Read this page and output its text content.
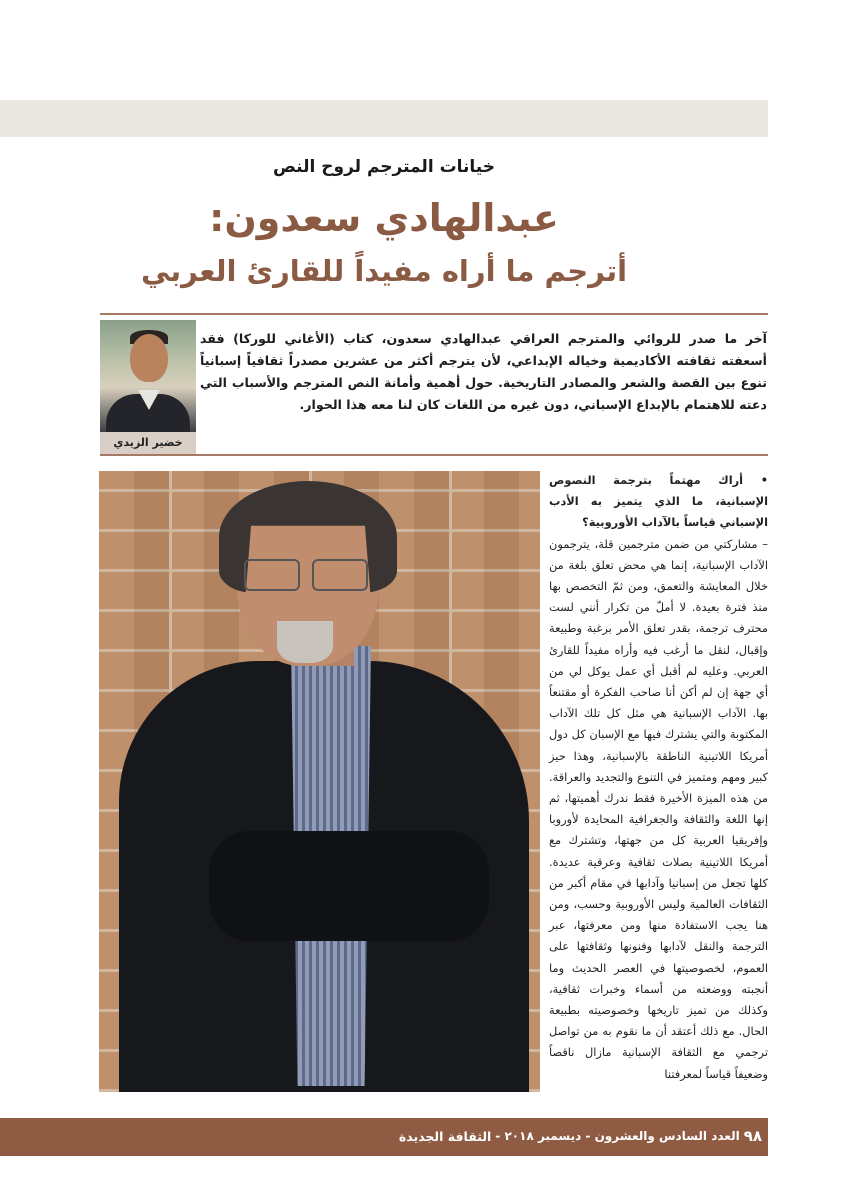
خيانات المترجم لروح النص
عبدالهادي سعدون:
أترجم ما أراه مفيداً للقارئ العربي
آخر ما صدر للروائي والمترجم العراقي عبدالهادي سعدون، كتاب (الأغاني للوركا) فقد أسعفته ثقافته الأكاديمية وخياله الإبداعي، لأن يترجم أكثر من عشرين مصدراً ثقافياً إسبانياً تنوع بين القصة والشعر والمصادر التاريخية. حول أهمية وأمانة النص المترجم والأسباب التي دعته للاهتمام بالإبداع الإسباني، دون غيره من اللغات كان لنا معه هذا الحوار.
خضير الزيدي

• أراك مهتماً بترجمة النصوص الإسبانية، ما الذي يتميز به الأدب الإسباني قياساً بالآداب الأوروبية؟

– مشاركتي من ضمن مترجمين قلة، يترجمون الآداب الإسبانية، إنما هي محض تعلق بلغة من خلال المعايشة والتعمق، ومن ثمّ التخصص بها منذ فترة بعيدة. لا أملّ من تكرار أنني لست محترف ترجمة، بقدر تعلق الأمر برغبة وطبيعة وإقبال، لنقل ما أرغب فيه وأراه مفيداً للقارئ العربي. وعليه لم أقبل أي عمل يوكل لي من أي جهة إن لم أكن أنا صاحب الفكرة أو مقتنعاً بها. الآداب الإسبانية هي مثل كل تلك الآداب المكتوبة والتي يشترك فيها مع الإسبان كل دول أمريكا اللاتينية الناطقة بالإسبانية، وهذا حيز كبير ومهم ومتميز في التنوع والتجديد والعراقة. من هذه الميزة الأخيرة فقط ندرك أهميتها، ثم إنها اللغة والثقافة والجغرافية المحايدة لأوروبا وإفريقيا العربية كل من جهتها، وتشترك مع أمريكا اللاتينية بصلات ثقافية وعرقية عديدة. كلها تجعل من إسبانيا وآدابها في مقام أكبر من الثقافات العالمية وليس الأوروبية وحسب، ومن هنا يجب الاستفادة منها ومن معرفتها، عبر الترجمة والنقل لآدابها وفنونها وثقافتها على العموم، لخصوصيتها في العصر الحديث وما أنجبته ووضعته من أسماء وخبرات ثقافية، وكذلك من تميز تاريخها وخصوصيته بطبيعة الحال. مع ذلك أعتقد أن ما نقوم به من تواصل ترجمي مع الثقافة الإسبانية مازال ناقصاً وضعيفاً قياساً لمعرفتنا

٩٨
العدد السادس والعشرون - ديسمبر ٢٠١٨ -
الثقافة الجديدة
